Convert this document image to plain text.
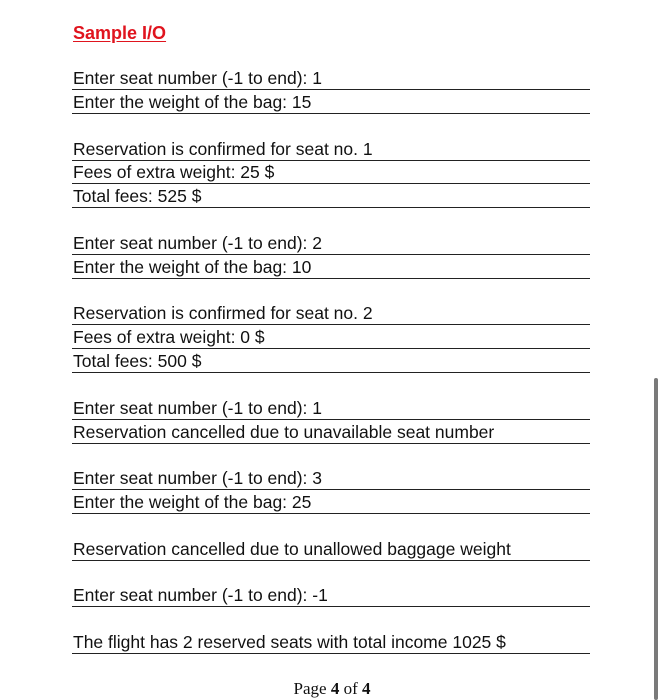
Sample I/O
Enter seat number (-1 to end): 1
Enter the weight of the bag: 15
Reservation is confirmed for seat no. 1
Fees of extra weight: 25 $
Total fees: 525 $
Enter seat number (-1 to end): 2
Enter the weight of the bag: 10
Reservation is confirmed for seat no. 2
Fees of extra weight: 0 $
Total fees: 500 $
Enter seat number (-1 to end): 1
Reservation cancelled due to unavailable seat number
Enter seat number (-1 to end): 3
Enter the weight of the bag: 25
Reservation cancelled due to unallowed baggage weight
Enter seat number (-1 to end): -1
The flight has 2 reserved seats with total income 1025 $
Page 4 of 4
